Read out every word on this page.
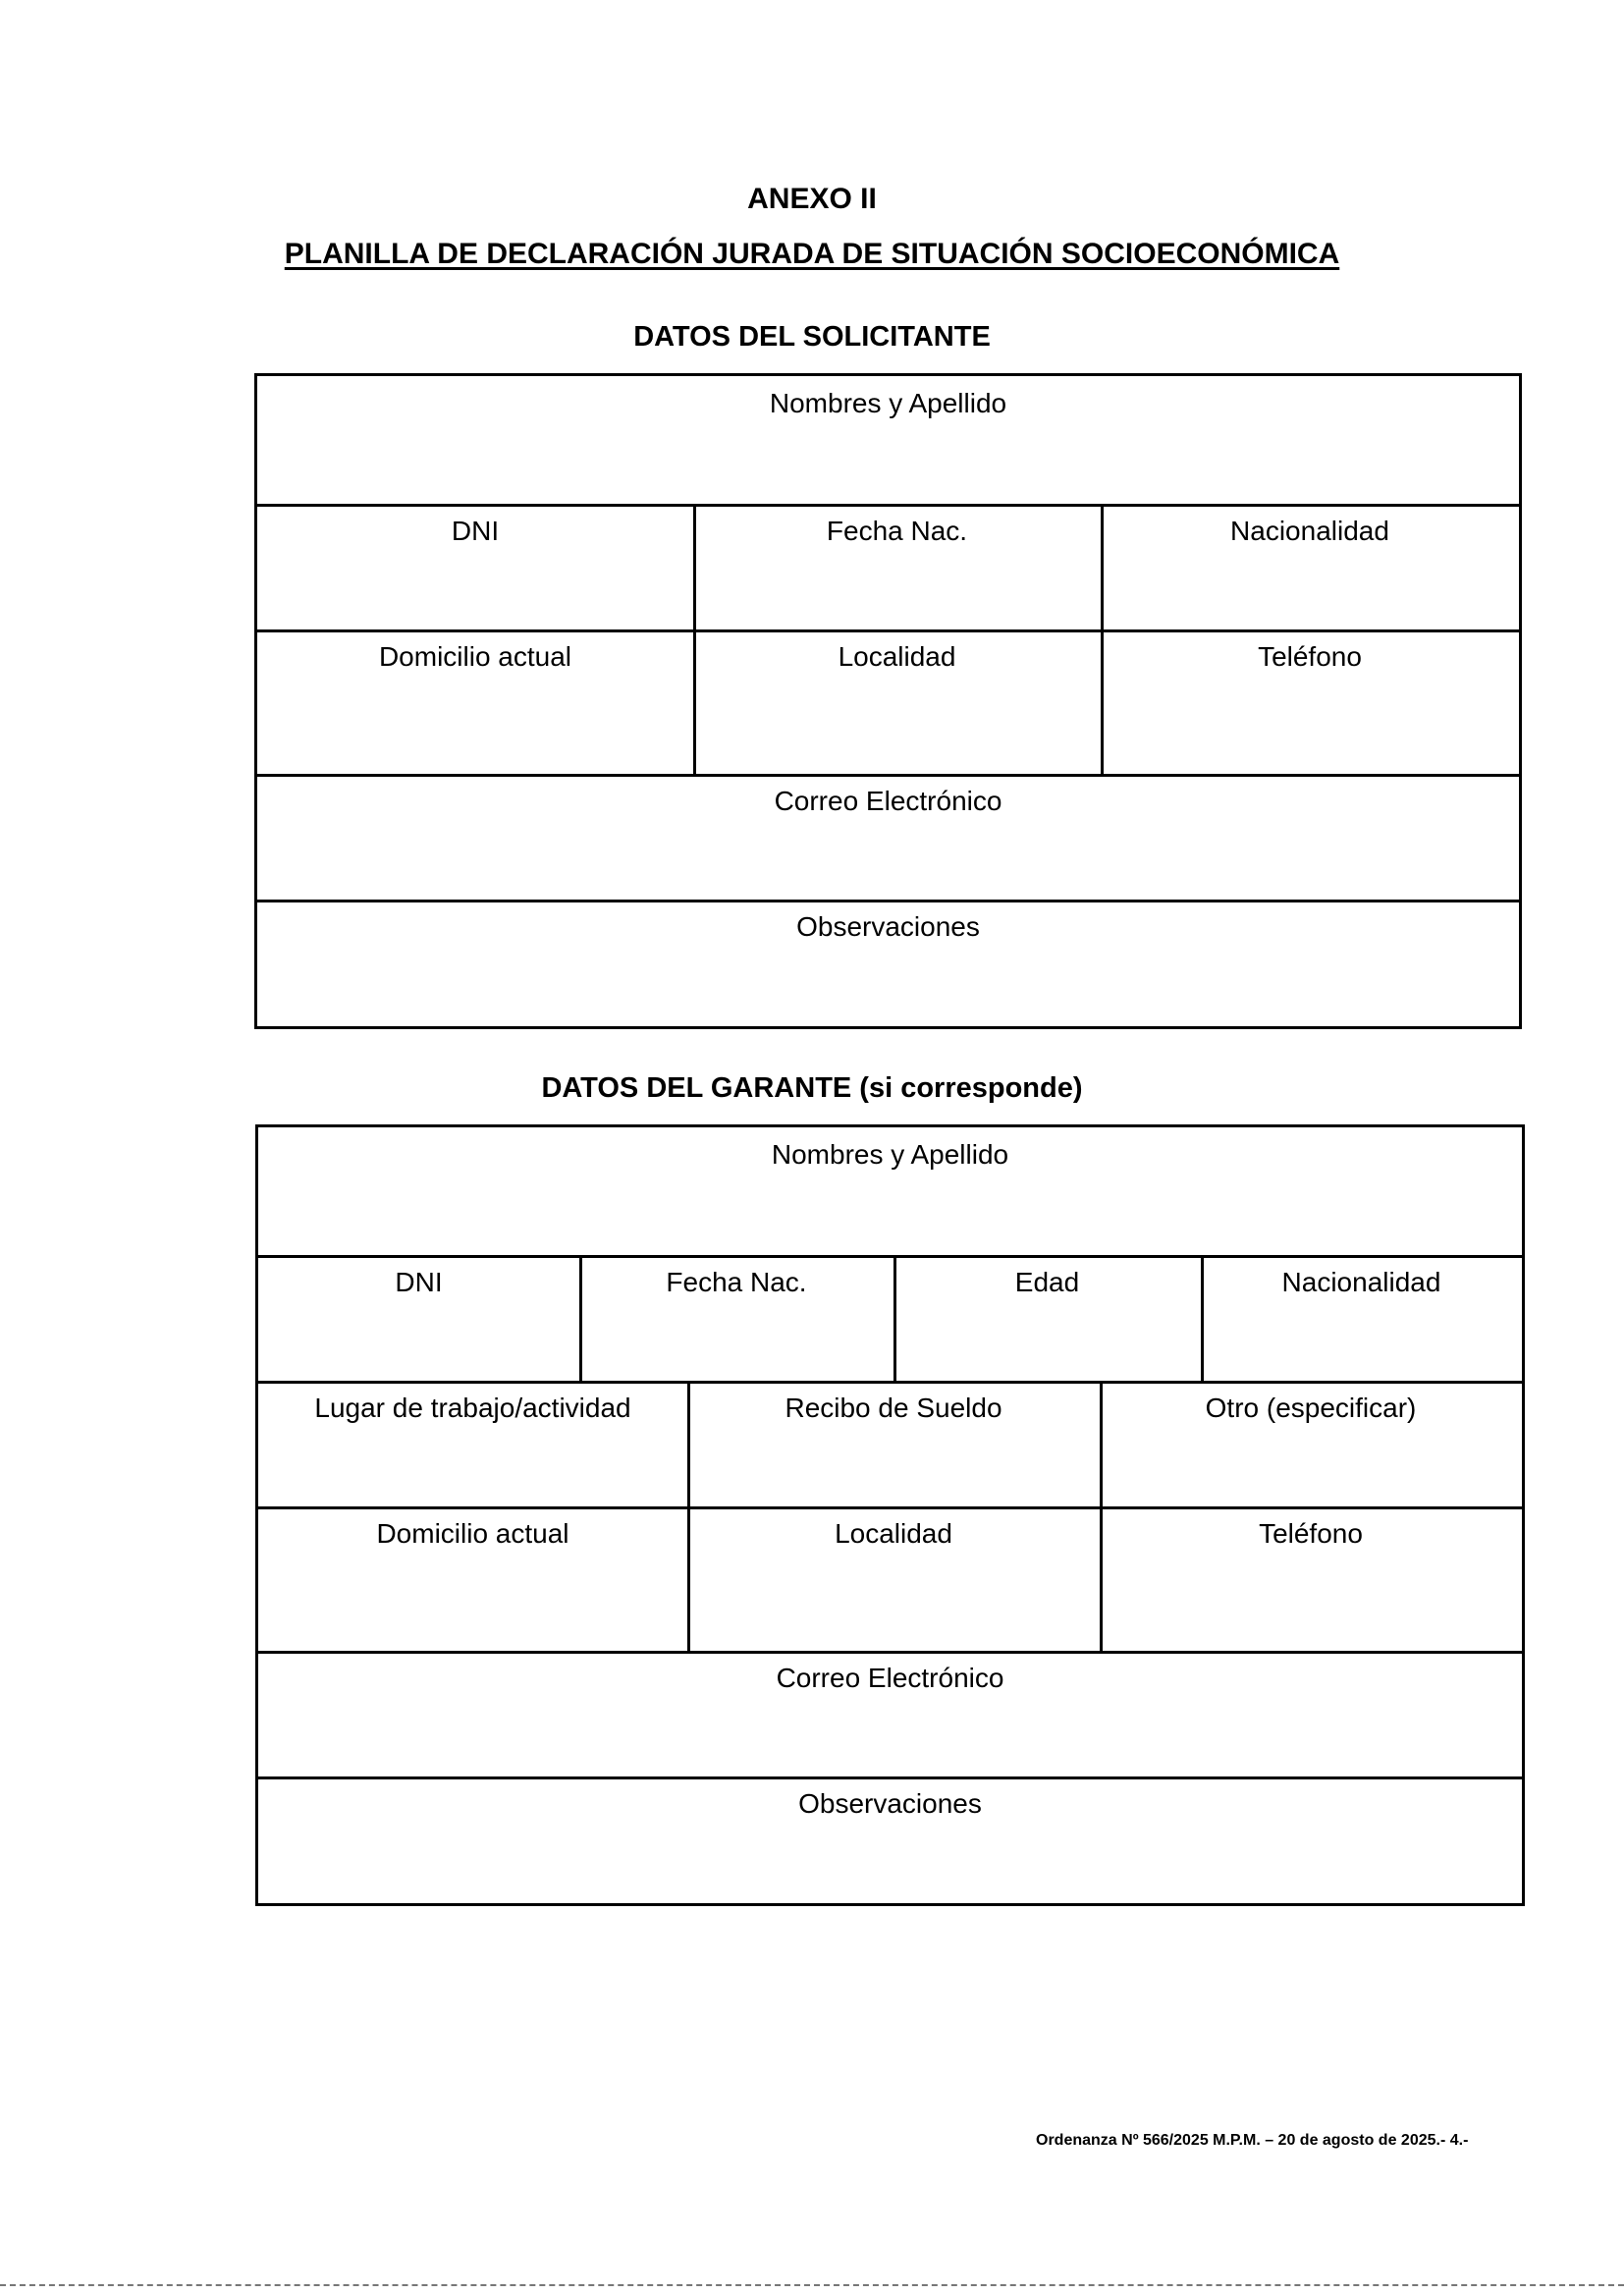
ANEXO II
PLANILLA DE DECLARACIÓN JURADA DE SITUACIÓN SOCIOECONÓMICA
DATOS DEL SOLICITANTE
Nombres y Apellido
DNI	Fecha Nac.	Nacionalidad
Domicilio actual	Localidad	Teléfono
Correo Electrónico
Observaciones
DATOS DEL GARANTE (si corresponde)
Nombres y Apellido
DNI	Fecha Nac.	Edad	Nacionalidad
Lugar de trabajo/actividad	Recibo de Sueldo	Otro (especificar)
Domicilio actual	Localidad	Teléfono
Correo Electrónico
Observaciones
Ordenanza Nº 566/2025 M.P.M. – 20 de agosto de 2025.- 4.-
